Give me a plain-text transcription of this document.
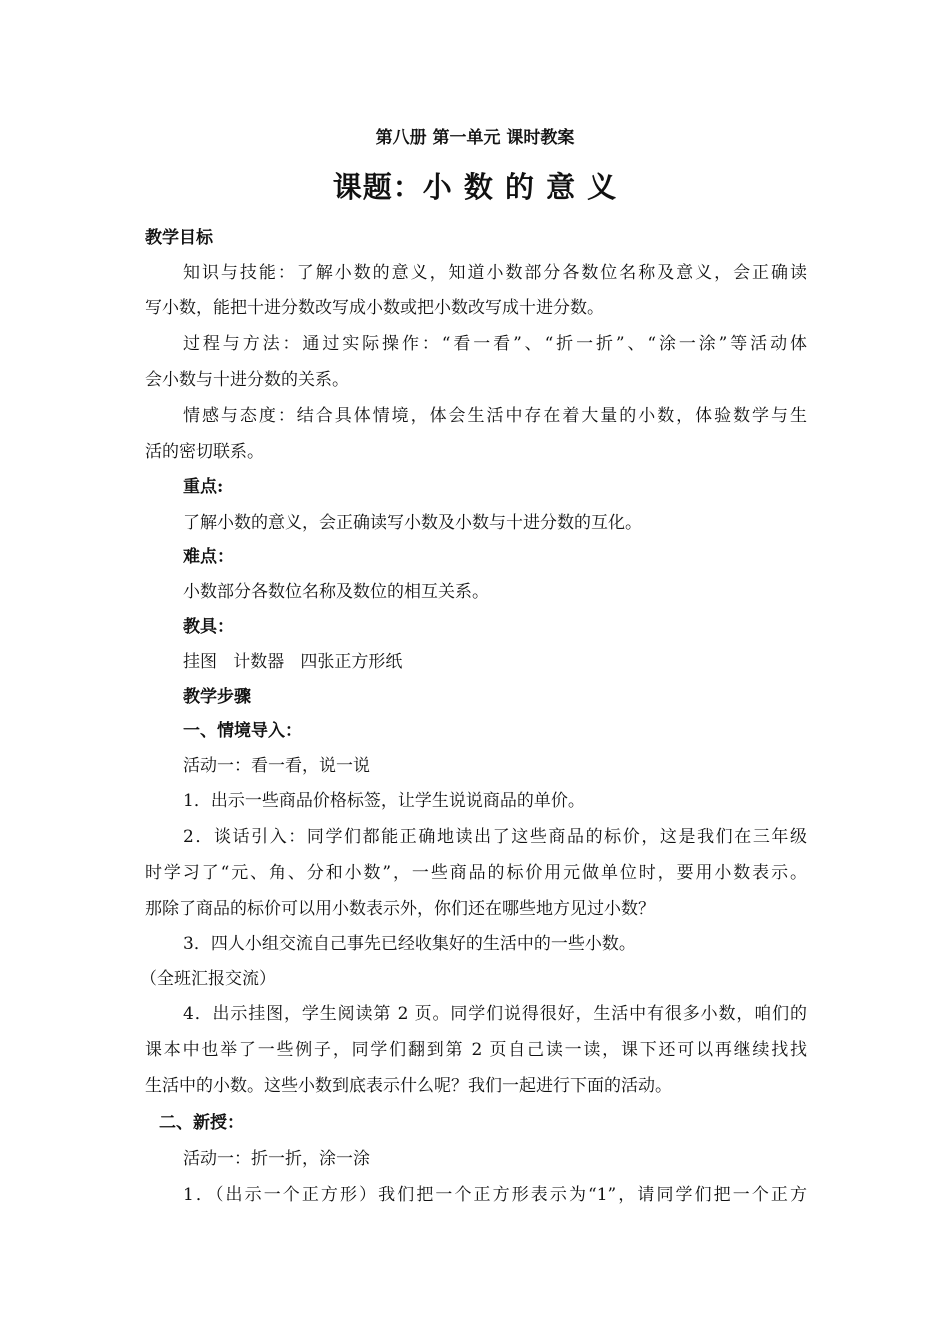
第八册 第一单元 课时教案
课题：小 数 的 意 义
教学目标
知识与技能：了解小数的意义，知道小数部分各数位名称及意义，会正确读
写小数，能把十进分数改写成小数或把小数改写成十进分数。
过程与方法：通过实际操作：“看一看”、“折一折”、“涂一涂”等活动体
会小数与十进分数的关系。
情感与态度：结合具体情境，体会生活中存在着大量的小数，体验数学与生
活的密切联系。
重点:
了解小数的意义，会正确读写小数及小数与十进分数的互化。
难点：
小数部分各数位名称及数位的相互关系。
教具：
挂图   计数器   四张正方形纸
教学步骤
一、情境导入：
活动一：看一看，说一说
1．出示一些商品价格标签，让学生说说商品的单价。
2．谈话引入：同学们都能正确地读出了这些商品的标价，这是我们在三年级
时学习了“元、角、分和小数”，一些商品的标价用元做单位时，要用小数表示。
那除了商品的标价可以用小数表示外，你们还在哪些地方见过小数？
3．四人小组交流自己事先已经收集好的生活中的一些小数。
（全班汇报交流）
4．出示挂图，学生阅读第 2 页。同学们说得很好，生活中有很多小数，咱们的
课本中也举了一些例子，同学们翻到第 2 页自己读一读，课下还可以再继续找找
生活中的小数。这些小数到底表示什么呢？我们一起进行下面的活动。
二、新授：
活动一：折一折，涂一涂
1．（出示一个正方形）我们把一个正方形表示为“1”，请同学们把一个正方
